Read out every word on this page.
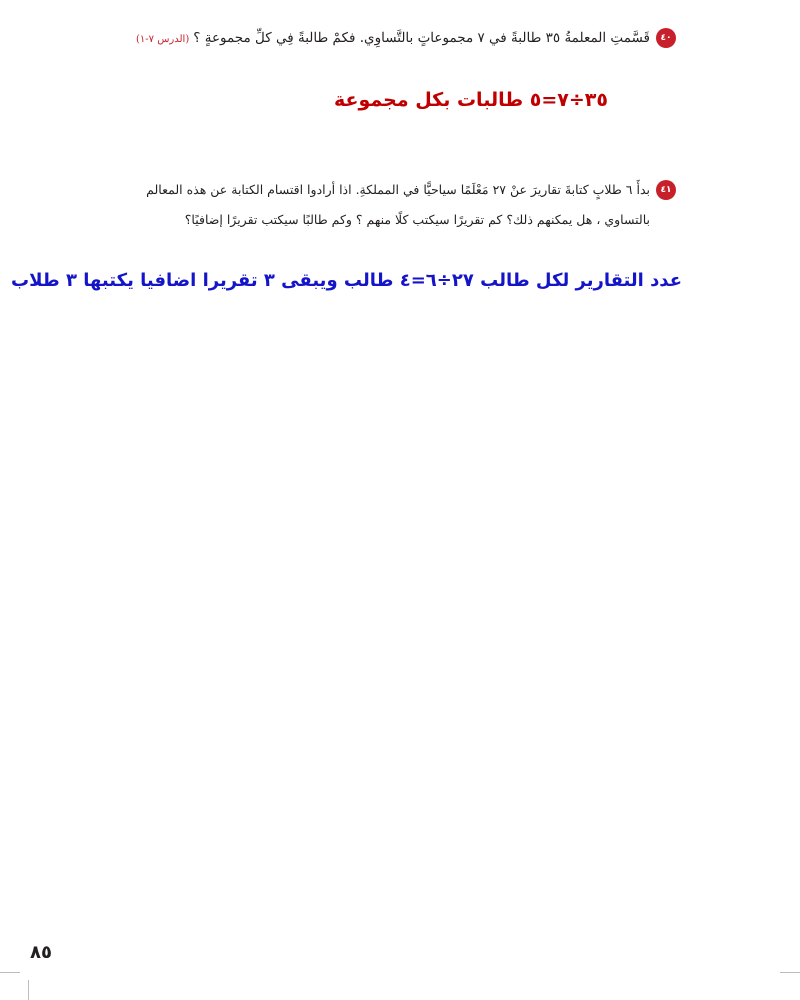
٤٠
قَسَّمتِ المعلمةُ ٣٥ طالبةً في ٧ مجموعاتٍ بالتَّساوِي. فكمْ طالبةً فِي كلِّ مجموعةٍ ؟(الدرس ٧-١)
٣٥÷٧=٥ طالبات بكل مجموعة
٤١
بدأَ ٦ طلابٍ كتابةَ تقاريرَ عنْ ٢٧ مَعْلَمًا سياحيًّا في المملكةِ. اذا أرادوا اقتسام الكتابة عن هذه المعالم
بالتساوي ، هل يمكنهم ذلك؟ كم تقريرًا سيكتب كلًا منهم ؟ وكم طالبًا سيكتب تقريرًا إضافيًا؟
عدد التقارير لكل طالب ٢٧÷٦=٤ طالب ويبقى ٣ تقريرا اضافيا يكتبها ٣ طلاب
٨٥
